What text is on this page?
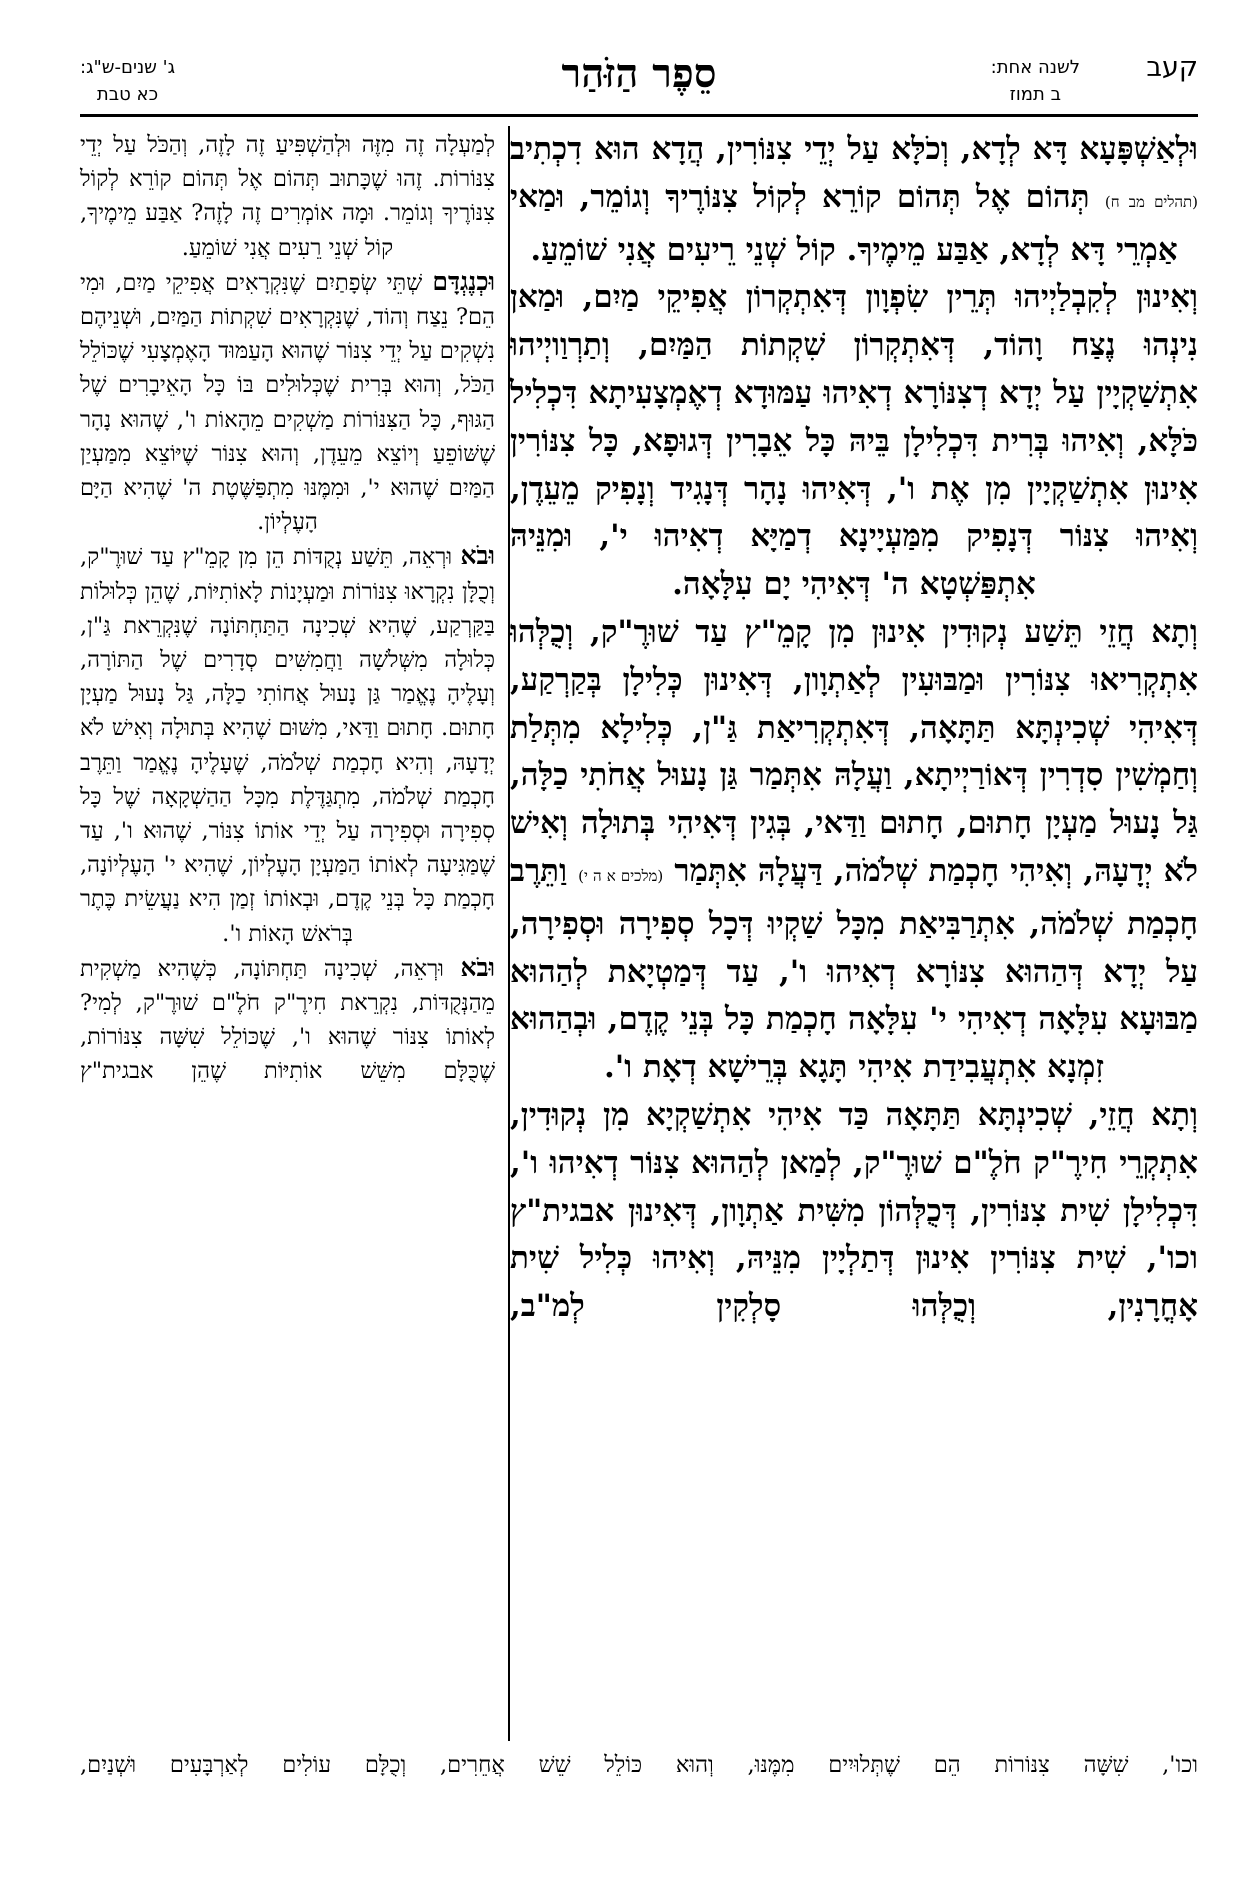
קעב
לשנה אחת:
ב תמוז
סֵפֶר הַזֹּהַר
ג' שנים-ש"ג:
כא טבת

וּלְאַשְׁפָּעָא דָּא לְדָא, וְכֹלָּא עַל יְדֵי צִנּוֹרִין, הֲדָא הוּא דִכְתִיב (תהלים מב ח) תְּהוֹם אֶל תְּהוֹם קוֹרֵא לְקוֹל צִנּוֹרֶיךָ וְגוֹמֵר, וּמַאי אַמְרֵי דָּא לְדָא, אַבַּע מֵימֶיךָ. קוֹל שְׁנֵי רֵיעִים אֲנִי שׁוֹמֵעַ.

וְאִינוּן לְקִבְלַיְיהוּ תְּרֵין שִׂפְוָון דְּאִתְקְרוֹן אֲפִיקֵי מַיִם, וּמַאן נִינְהוּ נֶצַח וָהוֹד, דְּאִתְקְרוֹן שִׁקְתוֹת הַמַּיִם, וְתַרְוַויְיהוּ אִתְשַׁקְיָין עַל יְדָא דְצִנּוֹרָא דְאִיהוּ עַמּוּדָא דְאֶמְצָעִיתָא דִּכְלִיל כֹּלָּא, וְאִיהוּ בְּרִית דִּכְלִילָן בֵּיהּ כָּל אֵבָרִין דְּגוּפָא, כָּל צִנּוֹרִין אִינוּן אִתְשַׁקְיָין מִן אֶת ו', דְּאִיהוּ נָהָר דְּנָגִיד וְנָפִיק מֵעֵדֶן, וְאִיהוּ צִנּוֹר דְּנָפִיק מִמַּעְיָינָא דְמַיָּא דְאִיהוּ י', וּמִנֵּיהּ אִתְפַּשְׁטָא ה' דְּאִיהִי יָם עִלָּאָה.

וְתָא חֲזֵי תֵּשַׁע נְקוּדִין אִינוּן מִן קָמֵ"ץ עַד שׁוּרֶ"ק, וְכֻלְּהוּ אִתְקְרִיאוּ צִנּוֹרִין וּמַבּוּעִין לְאַתְוָון, דְּאִינוּן כְּלִילָן בְּקַרְקַע, דְּאִיהִי שְׁכִינְתָּא תַּתָּאָה, דְּאִתְקְרִיאַת גַּ"ן, כְּלִילָא מִתְּלַת וְחַמְשִׁין סִדְרִין דְּאוֹרַיְיתָא, וַעֲלָהּ אִתְּמַר גַּן נָעוּל אֲחֹתִי כַלָּה, גַּל נָעוּל מַעְיָן חָתוּם, חָתוּם וַדַּאי, בְּגִין דְּאִיהִי בְּתוּלָה וְאִישׁ לֹא יְדָעָהּ, וְאִיהִי חָכְמַת שְׁלֹמֹה, דַּעֲלָהּ אִתְּמַר (מלכים א ה י) וַתֵּרֶב חָכְמַת שְׁלֹמֹה, אִתְרַבִּיאַת מִכָּל שַׁקְיוּ דְּכָל סְפִירָה וּסְפִירָה, עַל יְדָא דְּהַהוּא צִנּוֹרָא דְאִיהוּ ו', עַד דְּמַטְיָאת לְהַהוּא מַבּוּעָא עִלָּאָה דְאִיהִי י' עִלָּאָה חָכְמַת כָּל בְּנֵי קֶדֶם, וּבְהַהוּא זִמְנָא אִתְעֲבִידַת אִיהִי תָּגָא בְּרֵישָׁא דְאָת ו'.

וְתָא חֲזֵי, שְׁכִינְתָּא תַּתָּאָה כַּד אִיהִי אִתְשַׁקְיָא מִן נְקוּדִין, אִתְקְרֵי חִירֶ"ק חֹלֶ"ם שׁוּרֶ"ק, לְמַאן לְהַהוּא צִנּוֹר דְאִיהוּ ו', דִּכְלִילָן שִׁית צִנּוֹרִין, דְּכֻלְּהוֹן מִשִּׁית אַתְוָון, דְּאִינוּן אבגית"ץ וכו', שִׁית צִנּוֹרִין אִינוּן דְּתַלְיָין מִנֵּיהּ, וְאִיהוּ כְּלִיל שִׁית אָחֳרָנִין, וְכֻלְּהוּ סָלְקִין לְמ"ב,

לְמַעְלָה זֶה מִזֶּה וּלְהַשְׁפִּיעַ זֶה לָזֶה, וְהַכֹּל עַל יְדֵי צִנּוֹרוֹת. זֶהוּ שֶׁכָּתוּב תְּהוֹם אֶל תְּהוֹם קוֹרֵא לְקוֹל צִנּוֹרֶיךָ וְגוֹמֵר. וּמָה אוֹמְרִים זֶה לָזֶה? אַבַּע מֵימֶיךָ, קוֹל שְׁנֵי רֵעִים אֲנִי שׁוֹמֵעַ.

וּכְנֶגְדָּם שְׁתֵּי שְׂפָתַיִם שֶׁנִּקְרָאִים אֲפִיקֵי מַיִם, וּמִי הֵם? נֵצַח וְהוֹד, שֶׁנִּקְרָאִים שִׁקְתוֹת הַמַּיִם, וּשְׁנֵיהֶם נִשְׁקִים עַל יְדֵי צִנּוֹר שֶׁהוּא הָעַמּוּד הָאֶמְצָעִי שֶׁכּוֹלֵל הַכֹּל, וְהוּא בְּרִית שֶׁכְּלוּלִים בּוֹ כָּל הָאֵיבָרִים שֶׁל הַגּוּף, כָּל הַצִּנּוֹרוֹת מַשְׁקִים מֵהָאוֹת ו', שֶׁהוּא נָהָר שֶׁשּׁוֹפֵעַ וְיוֹצֵא מֵעֵדֶן, וְהוּא צִנּוֹר שֶׁיּוֹצֵא מִמַּעְיַן הַמַּיִם שֶׁהוּא י', וּמִמֶּנּוּ מִתְפַּשֶּׁטֶת ה' שֶׁהִיא הַיָּם הָעֶלְיוֹן.

וּבֹא וּרְאֵה, תֵּשַׁע נְקֻדּוֹת הֵן מִן קָמֵ"ץ עַד שׁוּרֶ"ק, וְכֻלָּן נִקְרָאוּ צִנּוֹרוֹת וּמַעְיָנוֹת לָאוֹתִיּוֹת, שֶׁהֵן כְּלוּלוֹת בַּקַּרְקַע, שֶׁהִיא שְׁכִינָה הַתַּחְתּוֹנָה שֶׁנִּקְרֵאת גַּ"ן, כְּלוּלָה מִשְּׁלֹשָׁה וַחֲמִשִּׁים סְדָרִים שֶׁל הַתּוֹרָה, וְעָלֶיהָ נֶאֱמַר גַּן נָעוּל אֲחוֹתִי כַלָּה, גַּל נָעוּל מַעְיָן חָתוּם. חָתוּם וַדַּאי, מִשּׁוּם שֶׁהִיא בְּתוּלָה וְאִישׁ לֹא יְדָעָהּ, וְהִיא חָכְמַת שְׁלֹמֹה, שֶׁעָלֶיהָ נֶאֱמַר וַתֵּרֶב חָכְמַת שְׁלֹמֹה, מִתְגַּדֶּלֶת מִכָּל הַהַשְׁקָאָה שֶׁל כָּל סְפִירָה וּסְפִירָה עַל יְדֵי אוֹתוֹ צִנּוֹר, שֶׁהוּא ו', עַד שֶׁמַּגִּיעָה לְאוֹתוֹ הַמַּעְיָן הָעֶלְיוֹן, שֶׁהִיא י' הָעֶלְיוֹנָה, חָכְמַת כָּל בְּנֵי קֶדֶם, וּבְאוֹתוֹ זְמַן הִיא נַעֲשֵׂית כֶּתֶר בְּרֹאשׁ הָאוֹת ו'.

וּבֹא וּרְאֵה, שְׁכִינָה תַּחְתּוֹנָה, כְּשֶׁהִיא מַשְׁקִית מֵהַנְּקֻדּוֹת, נִקְרֵאת חִירֶ"ק חֹלֶ"ם שׁוּרֶ"ק, לְמִי? לְאוֹתוֹ צִנּוֹר שֶׁהוּא ו', שֶׁכּוֹלֵל שִׁשָּׁה צִנּוֹרוֹת, שֶׁכֻּלָּם מִשֵּׁשׁ אוֹתִיּוֹת שֶׁהֵן אבגית"ץ

וכו', שִׁשָּׁה צִנּוֹרוֹת הֵם שֶׁתְּלוּיִים מִמֶּנּוּ, וְהוּא כּוֹלֵל שֵׁשׁ אֲחֵרִים, וְכֻלָּם עוֹלִים לְאַרְבָּעִים וּשְׁנַיִם,
